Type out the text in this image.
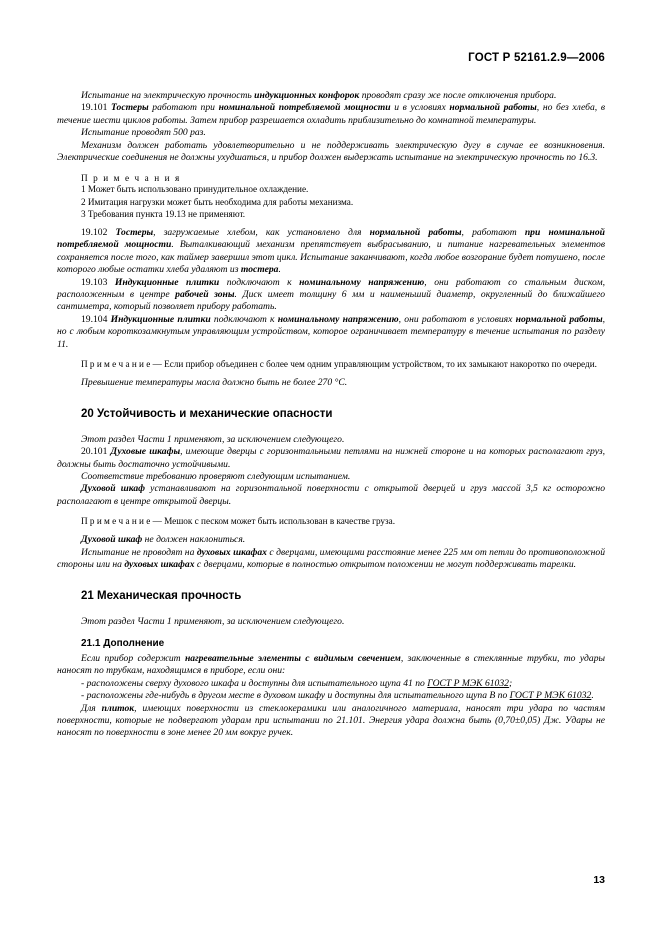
ГОСТ Р 52161.2.9—2006

Испытание на электрическую прочность индукционных конфорок проводят сразу же после отключения прибора.

19.101 Тостеры работают при номинальной потребляемой мощности и в условиях нормальной работы, но без хлеба, в течение шести циклов работы. Затем прибор разрешается охладить приблизительно до комнатной температуры.

Испытание проводят 500 раз.

Механизм должен работать удовлетворительно и не поддерживать электрическую дугу в случае ее возникновения. Электрические соединения не должны ухудшаться, и прибор должен выдержать испытание на электрическую прочность по 16.3.

П р и м е ч а н и я
1 Может быть использовано принудительное охлаждение.
2 Имитация нагрузки может быть необходима для работы механизма.
3 Требования пункта 19.13 не применяют.

19.102 Тостеры, загружаемые хлебом, как установлено для нормальной работы, работают при номинальной потребляемой мощности. Выталкивающий механизм препятствует выбрасыванию, и питание нагревательных элементов сохраняется после того, как таймер завершил этот цикл. Испытание заканчивают, когда любое возгорание будет потушено, после которого любые остатки хлеба удаляют из тостера.

19.103 Индукционные плитки подключают к номинальному напряжению, они работают со стальным диском, расположенным в центре рабочей зоны. Диск имеет толщину 6 мм и наименьший диаметр, округленный до ближайшего сантиметра, который позволяет прибору работать.

19.104 Индукционные плитки подключают к номинальному напряжению, они работают в условиях нормальной работы, но с любым короткозамкнутым управляющим устройством, которое ограничивает температуру в течение испытания по разделу 11.

П р и м е ч а н и е — Если прибор объединен с более чем одним управляющим устройством, то их замыкают накоротко по очереди.

Превышение температуры масла должно быть не более 270 °С.

20 Устойчивость и механические опасности

Этот раздел Части 1 применяют, за исключением следующего.

20.101 Духовые шкафы, имеющие дверцы с горизонтальными петлями на нижней стороне и на которых располагают груз, должны быть достаточно устойчивыми.

Соответствие требованию проверяют следующим испытанием.

Духовой шкаф устанавливают на горизонтальной поверхности с открытой дверцей и груз массой 3,5 кг осторожно располагают в центре открытой дверцы.

П р и м е ч а н и е — Мешок с песком может быть использован в качестве груза.

Духовой шкаф не должен наклониться.

Испытание не проводят на духовых шкафах с дверцами, имеющими расстояние менее 225 мм от петли до противоположной стороны или на духовых шкафах с дверцами, которые в полностью открытом положении не могут поддерживать тарелки.

21 Механическая прочность

Этот раздел Части 1 применяют, за исключением следующего.

21.1 Дополнение

Если прибор содержит нагревательные элементы с видимым свечением, заключенные в стеклянные трубки, то удары наносят по трубкам, находящимся в приборе, если они:

- расположены сверху духового шкафа и доступны для испытательного щупа 41 по ГОСТ Р МЭК 61032;
- расположены где-нибудь в другом месте в духовом шкафу и доступны для испытательного щупа В по ГОСТ Р МЭК 61032.

Для плиток, имеющих поверхности из стеклокерамики или аналогичного материала, наносят три удара по частям поверхности, которые не подвергают ударам при испытании по 21.101. Энергия удара должна быть (0,70±0,05) Дж. Удары не наносят по поверхности в зоне менее 20 мм вокруг ручек.

13
